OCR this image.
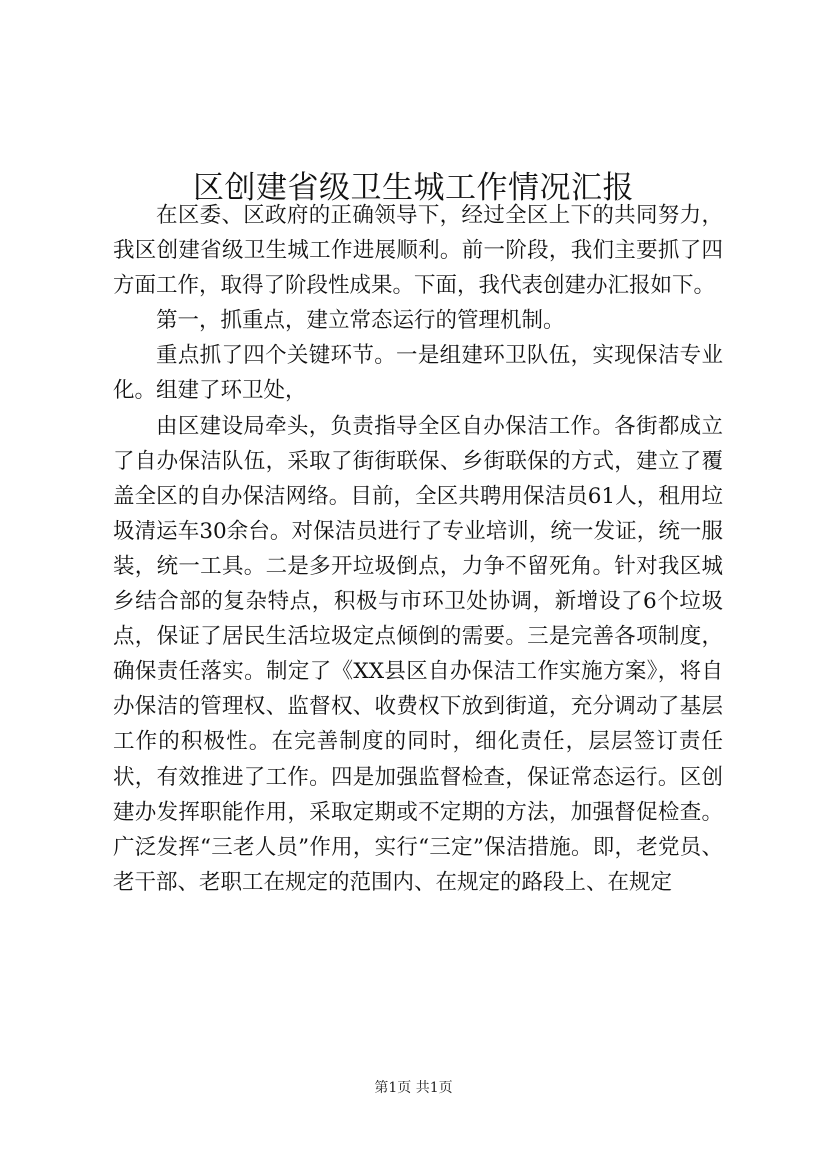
区创建省级卫生城工作情况汇报

在区委、区政府的正确领导下，经过全区上下的共同努力，我区创建省级卫生城工作进展顺利。前一阶段，我们主要抓了四方面工作，取得了阶段性成果。下面，我代表创建办汇报如下。

第一，抓重点，建立常态运行的管理机制。

重点抓了四个关键环节。一是组建环卫队伍，实现保洁专业化。组建了环卫处，

由区建设局牵头，负责指导全区自办保洁工作。各街都成立了自办保洁队伍，采取了街街联保、乡街联保的方式，建立了覆盖全区的自办保洁网络。目前，全区共聘用保洁员61人，租用垃圾清运车30余台。对保洁员进行了专业培训，统一发证，统一服装，统一工具。二是多开垃圾倒点，力争不留死角。针对我区城乡结合部的复杂特点，积极与市环卫处协调，新增设了6个垃圾点，保证了居民生活垃圾定点倾倒的需要。三是完善各项制度，确保责任落实。制定了《XX县区自办保洁工作实施方案》，将自办保洁的管理权、监督权、收费权下放到街道，充分调动了基层工作的积极性。在完善制度的同时，细化责任，层层签订责任状，有效推进了工作。四是加强监督检查，保证常态运行。区创建办发挥职能作用，采取定期或不定期的方法，加强督促检查。广泛发挥“三老人员”作用，实行“三定”保洁措施。即，老党员、老干部、老职工在规定的范围内、在规定的路段上、在规定

第1页 共1页
